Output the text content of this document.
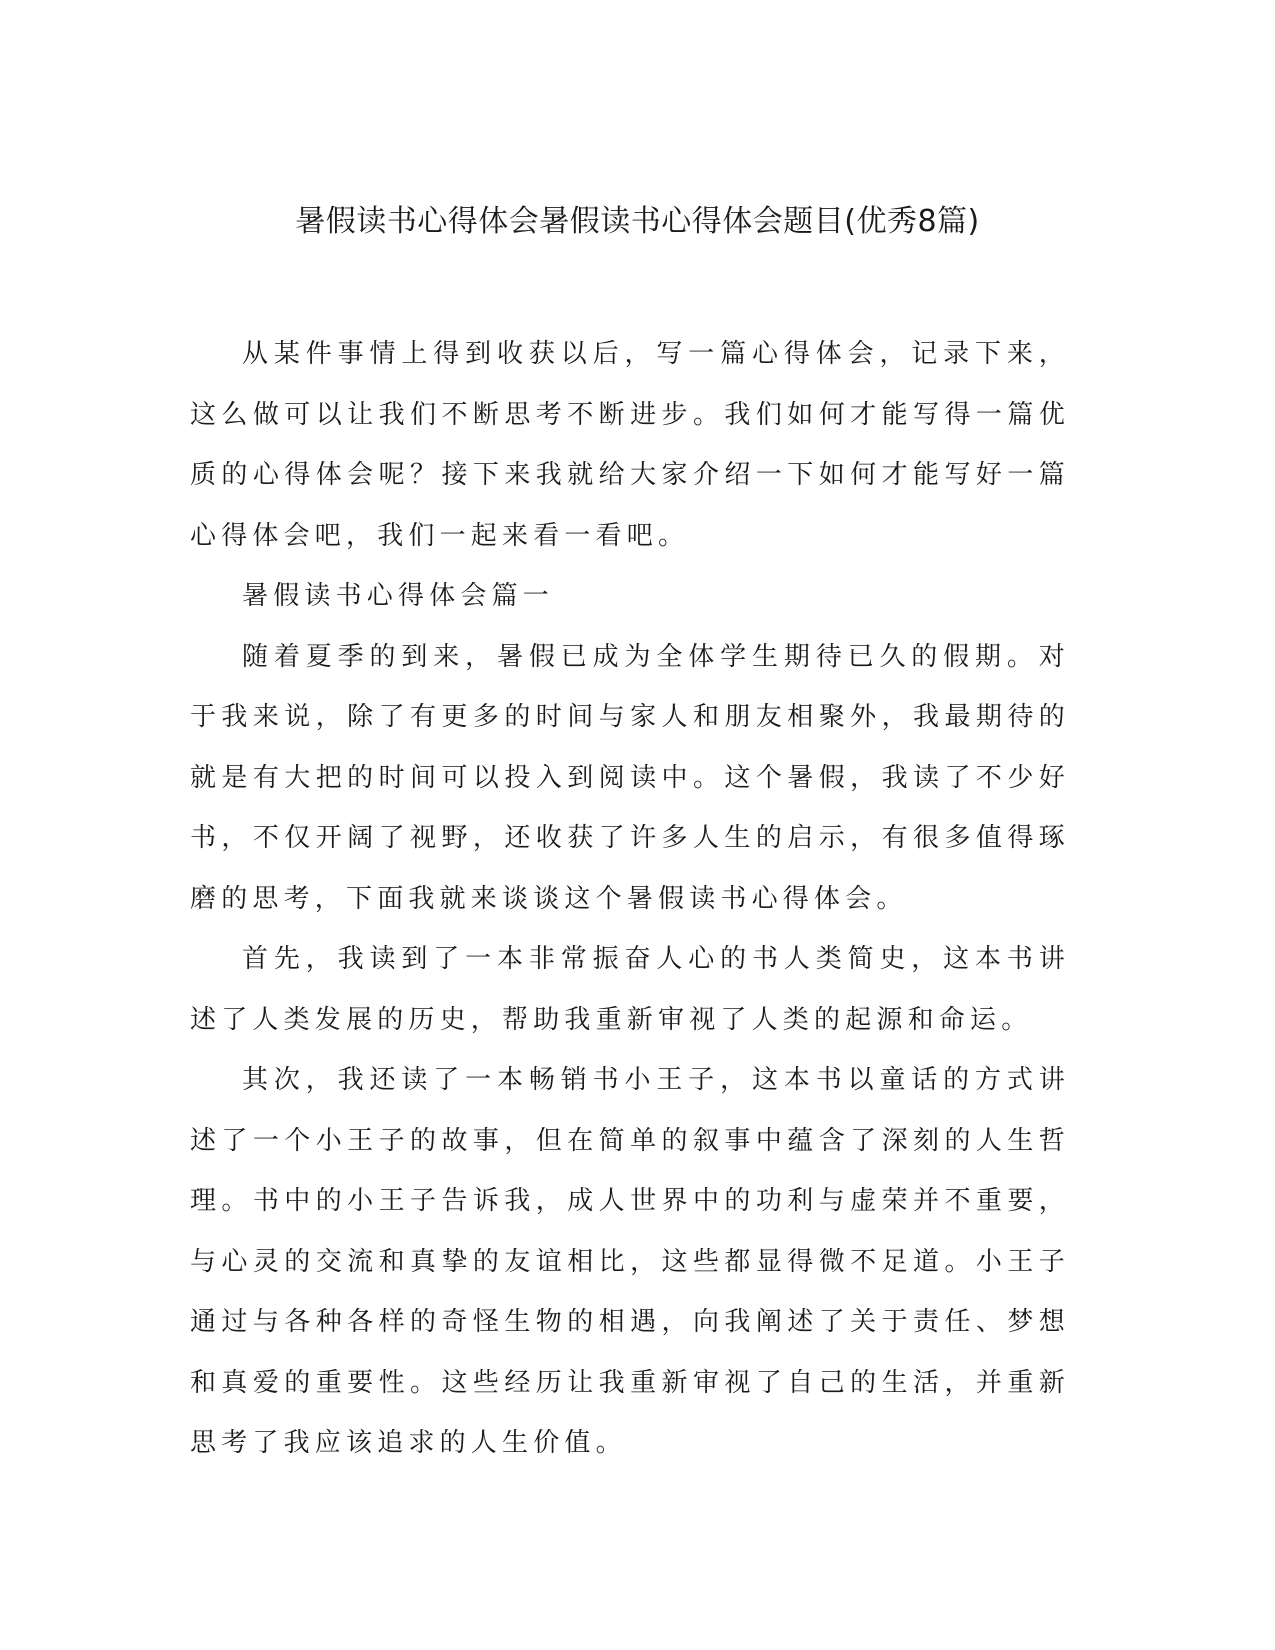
暑假读书心得体会暑假读书心得体会题目(优秀8篇)

从某件事情上得到收获以后，写一篇心得体会，记录下来，这么做可以让我们不断思考不断进步。我们如何才能写得一篇优质的心得体会呢？接下来我就给大家介绍一下如何才能写好一篇心得体会吧，我们一起来看一看吧。

暑假读书心得体会篇一

随着夏季的到来，暑假已成为全体学生期待已久的假期。对于我来说，除了有更多的时间与家人和朋友相聚外，我最期待的就是有大把的时间可以投入到阅读中。这个暑假，我读了不少好书，不仅开阔了视野，还收获了许多人生的启示，有很多值得琢磨的思考，下面我就来谈谈这个暑假读书心得体会。

首先，我读到了一本非常振奋人心的书人类简史，这本书讲述了人类发展的历史，帮助我重新审视了人类的起源和命运。

其次，我还读了一本畅销书小王子，这本书以童话的方式讲述了一个小王子的故事，但在简单的叙事中蕴含了深刻的人生哲理。书中的小王子告诉我，成人世界中的功利与虚荣并不重要，与心灵的交流和真挚的友谊相比，这些都显得微不足道。小王子通过与各种各样的奇怪生物的相遇，向我阐述了关于责任、梦想和真爱的重要性。这些经历让我重新审视了自己的生活，并重新思考了我应该追求的人生价值。
